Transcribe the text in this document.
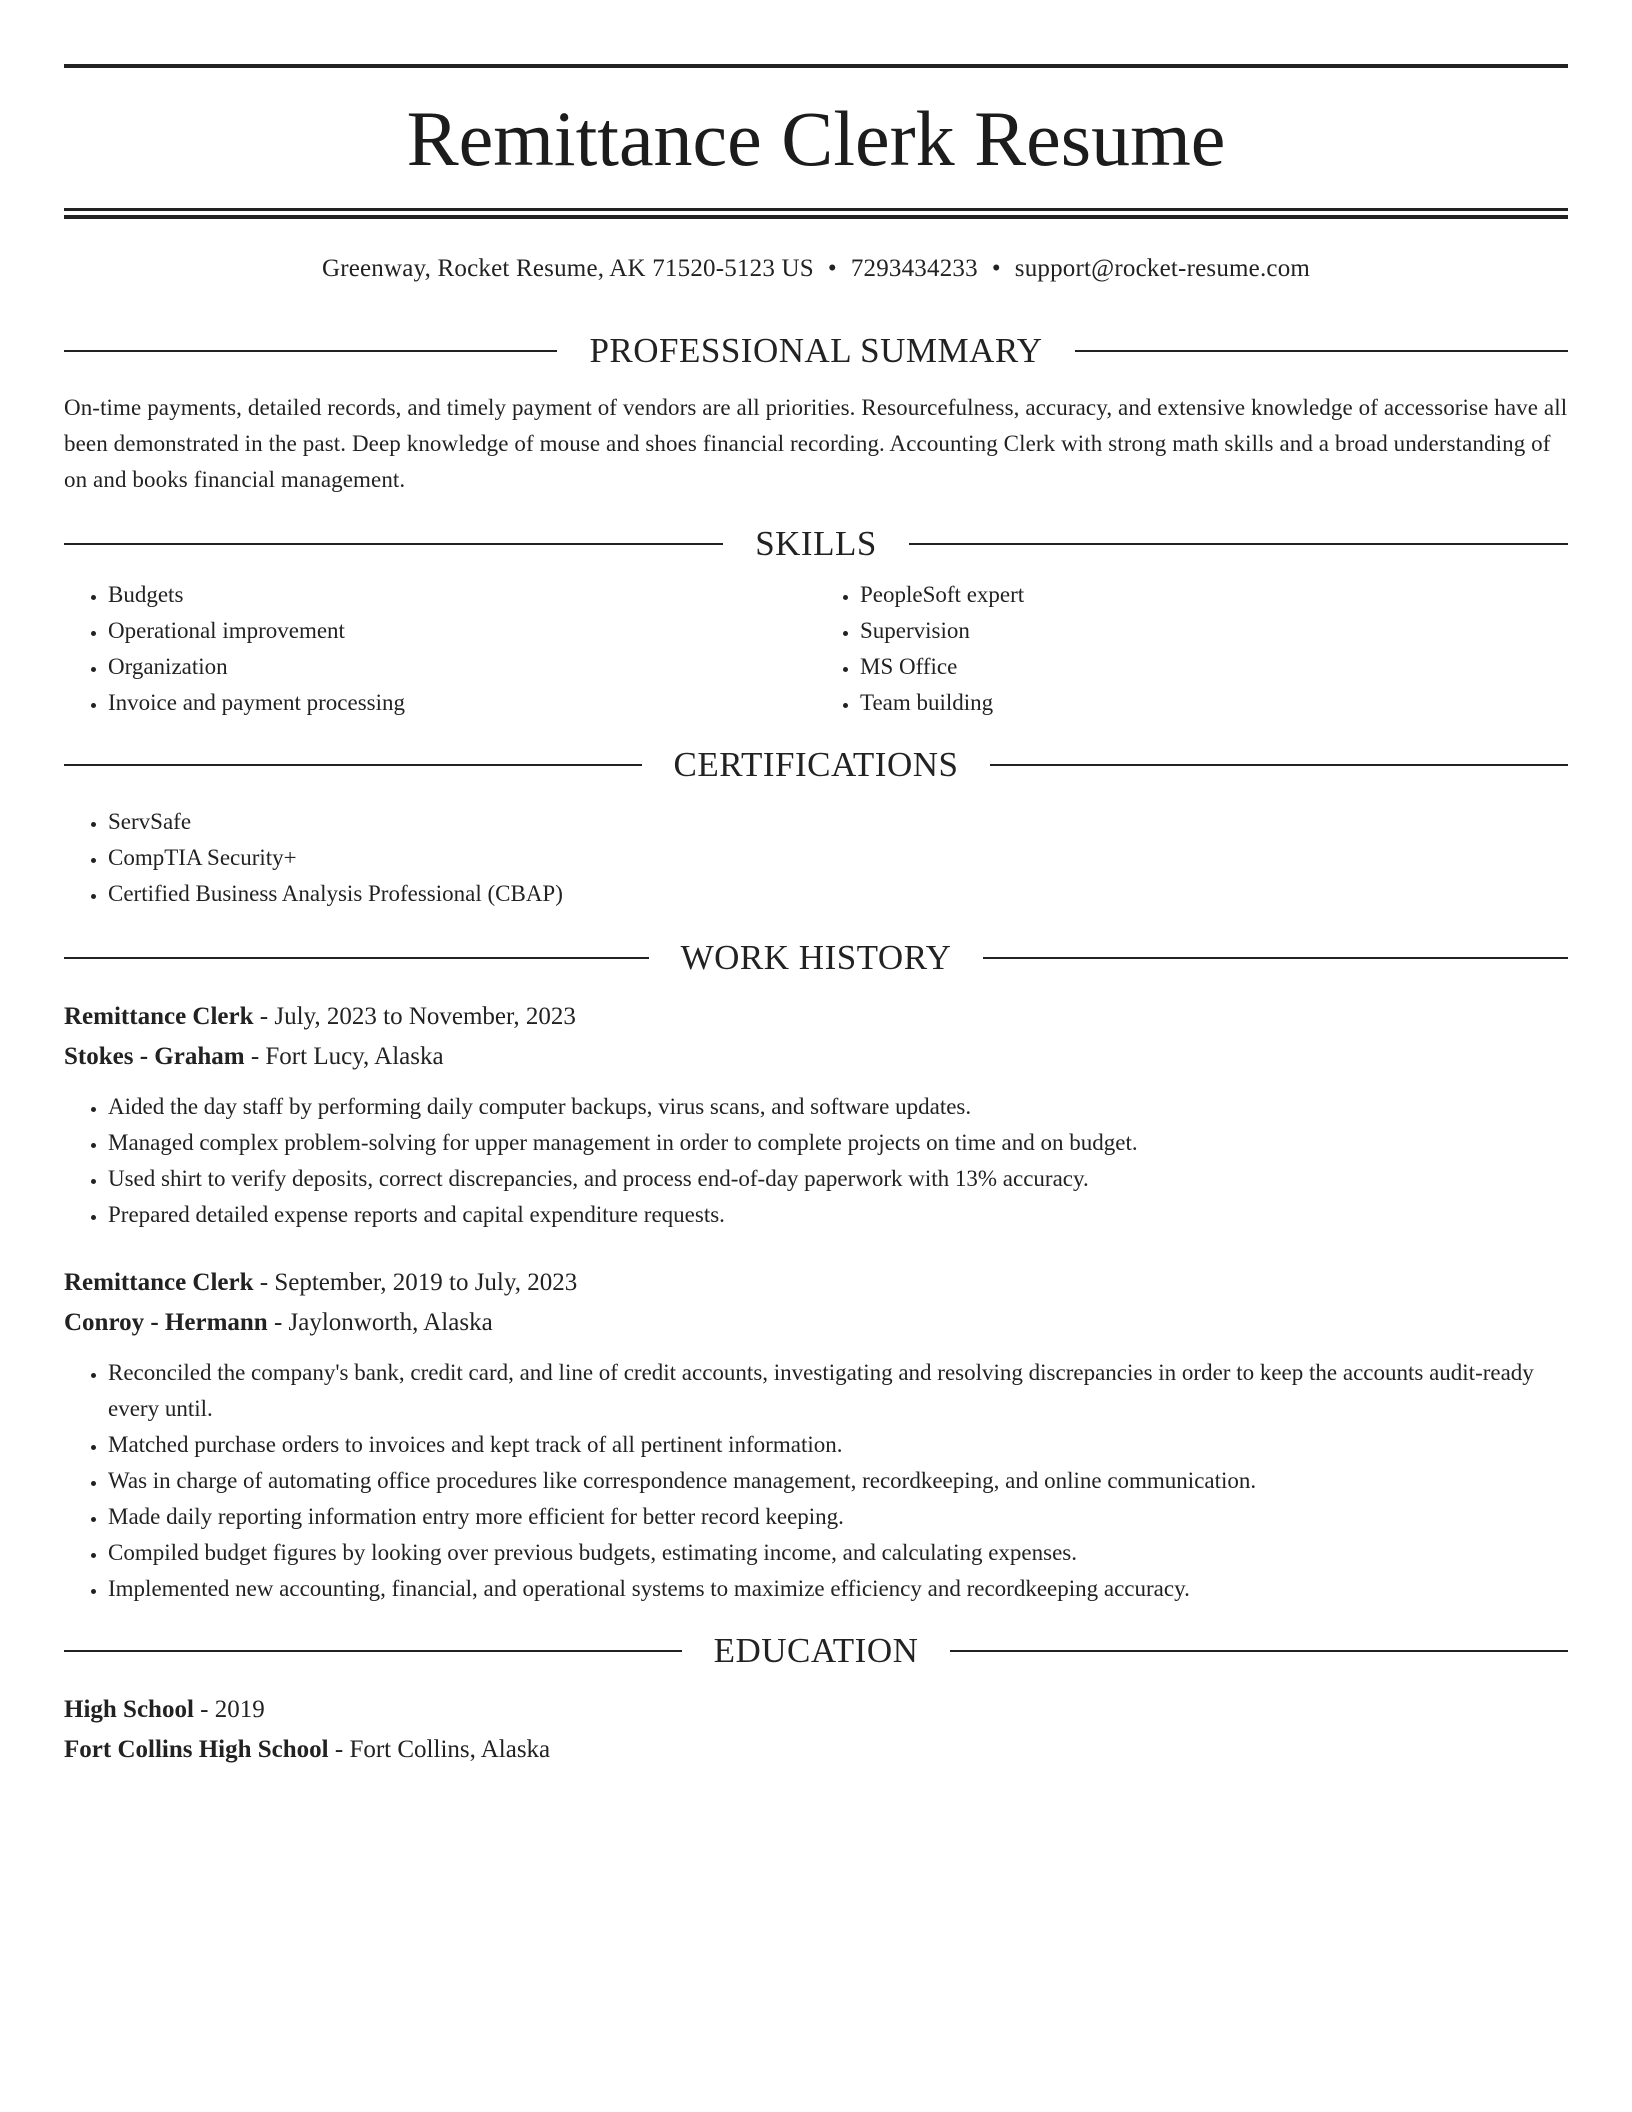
Remittance Clerk Resume
Greenway, Rocket Resume, AK 71520-5123 US • 7293434233 • support@rocket-resume.com
PROFESSIONAL SUMMARY

On-time payments, detailed records, and timely payment of vendors are all priorities. Resourcefulness, accuracy, and extensive knowledge of accessorise have all been demonstrated in the past. Deep knowledge of mouse and shoes financial recording. Accounting Clerk with strong math skills and a broad understanding of on and books financial management.

SKILLS
• Budgets
• Operational improvement
• Organization
• Invoice and payment processing
• PeopleSoft expert
• Supervision
• MS Office
• Team building
CERTIFICATIONS
• ServSafe
• CompTIA Security+
• Certified Business Analysis Professional (CBAP)
WORK HISTORY
Remittance Clerk - July, 2023 to November, 2023
Stokes - Graham - Fort Lucy, Alaska
• Aided the day staff by performing daily computer backups, virus scans, and software updates.
• Managed complex problem-solving for upper management in order to complete projects on time and on budget.
• Used shirt to verify deposits, correct discrepancies, and process end-of-day paperwork with 13% accuracy.
• Prepared detailed expense reports and capital expenditure requests.
Remittance Clerk - September, 2019 to July, 2023
Conroy - Hermann - Jaylonworth, Alaska
• Reconciled the company's bank, credit card, and line of credit accounts, investigating and resolving discrepancies in order to keep the accounts audit-ready every until.
• Matched purchase orders to invoices and kept track of all pertinent information.
• Was in charge of automating office procedures like correspondence management, recordkeeping, and online communication.
• Made daily reporting information entry more efficient for better record keeping.
• Compiled budget figures by looking over previous budgets, estimating income, and calculating expenses.
• Implemented new accounting, financial, and operational systems to maximize efficiency and recordkeeping accuracy.
EDUCATION
High School - 2019
Fort Collins High School - Fort Collins, Alaska
